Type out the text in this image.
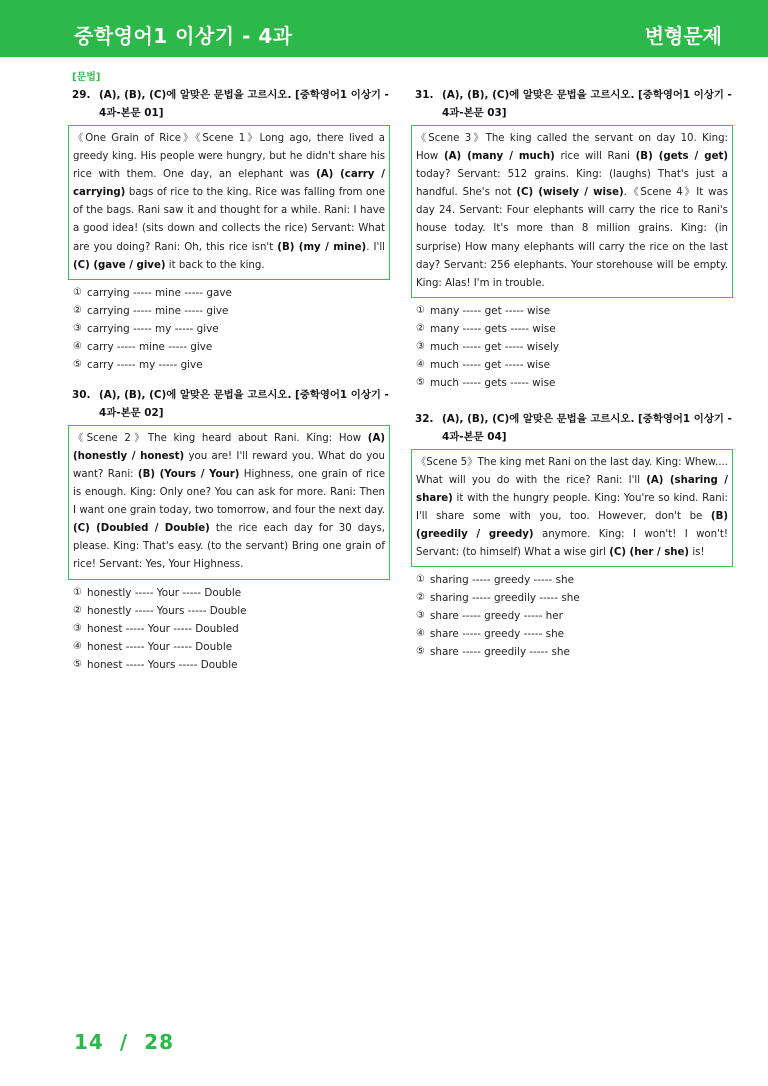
중학영어1 이상기 - 4과	변형문제
[문법]
29. (A), (B), (C)에 알맞은 문법을 고르시오. [중학영어1 이상기 - 4과-본문 01]
《One Grain of Rice》《Scene 1》Long ago, there lived a greedy king. His people were hungry, but he didn't share his rice with them. One day, an elephant was (A) (carry / carrying) bags of rice to the king. Rice was falling from one of the bags. Rani saw it and thought for a while. Rani: I have a good idea! (sits down and collects the rice) Servant: What are you doing? Rani: Oh, this rice isn't (B) (my / mine). I'll (C) (gave / give) it back to the king.
① carrying ----- mine ----- gave
② carrying ----- mine ----- give
③ carrying ----- my ----- give
④ carry ----- mine ----- give
⑤ carry ----- my ----- give
30. (A), (B), (C)에 알맞은 문법을 고르시오. [중학영어1 이상기 - 4과-본문 02]
《Scene 2》The king heard about Rani. King: How (A) (honestly / honest) you are! I'll reward you. What do you want? Rani: (B) (Yours / Your) Highness, one grain of rice is enough. King: Only one? You can ask for more. Rani: Then I want one grain today, two tomorrow, and four the next day. (C) (Doubled / Double) the rice each day for 30 days, please. King: That's easy. (to the servant) Bring one grain of rice! Servant: Yes, Your Highness.
① honestly ----- Your ----- Double
② honestly ----- Yours ----- Double
③ honest ----- Your ----- Doubled
④ honest ----- Your ----- Double
⑤ honest ----- Yours ----- Double
31. (A), (B), (C)에 알맞은 문법을 고르시오. [중학영어1 이상기 - 4과-본문 03]
《Scene 3》The king called the servant on day 10. King: How (A) (many / much) rice will Rani (B) (gets / get) today? Servant: 512 grains. King: (laughs) That's just a handful. She's not (C) (wisely / wise).《Scene 4》It was day 24. Servant: Four elephants will carry the rice to Rani's house today. It's more than 8 million grains. King: (in surprise) How many elephants will carry the rice on the last day? Servant: 256 elephants. Your storehouse will be empty. King: Alas! I'm in trouble.
① many ----- get ----- wise
② many ----- gets ----- wise
③ much ----- get ----- wisely
④ much ----- get ----- wise
⑤ much ----- gets ----- wise
32. (A), (B), (C)에 알맞은 문법을 고르시오. [중학영어1 이상기 - 4과-본문 04]
《Scene 5》The king met Rani on the last day. King: Whew.... What will you do with the rice? Rani: I'll (A) (sharing / share) it with the hungry people. King: You're so kind. Rani: I'll share some with you, too. However, don't be (B) (greedily / greedy) anymore. King: I won't! I won't! Servant: (to himself) What a wise girl (C) (her / she) is!
① sharing ----- greedy ----- she
② sharing ----- greedily ----- she
③ share ----- greedy ----- her
④ share ----- greedy ----- she
⑤ share ----- greedily ----- she
14 / 28
